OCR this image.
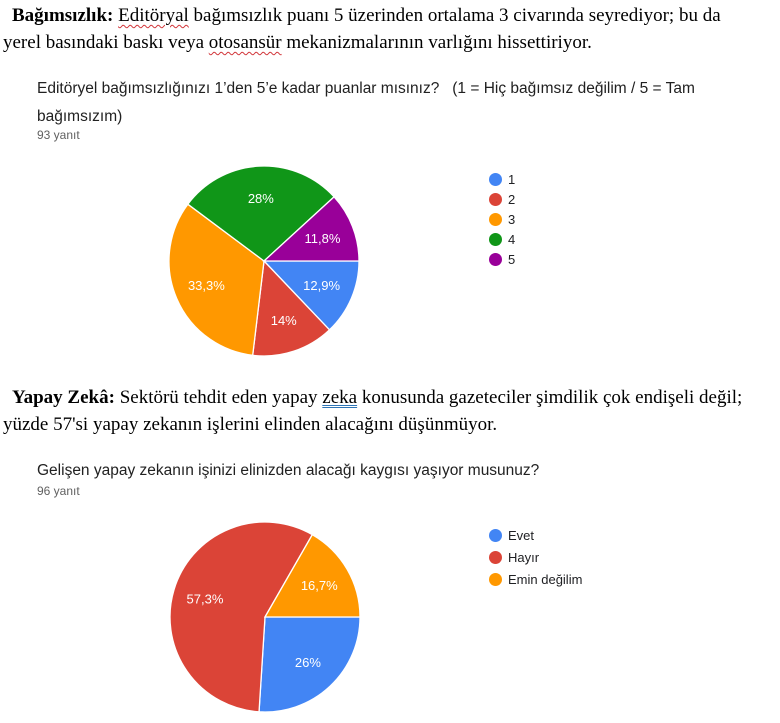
Bağımsızlık: Editöryal bağımsızlık puanı 5 üzerinden ortalama 3 civarında seyrediyor; bu da yerel basındaki baskı veya otosansür mekanizmalarının varlığını hissettiriyor.

Editöryel bağımsızlığınızı 1’den 5’e kadar puanlar mısınız?   (1 = Hiç bağımsız değilim / 5 = Tam bağımsızım)
93 yanıt
12,9%
14%
33,3%
28%
11,8%
1
2
3
4
5

Yapay Zekâ: Sektörü tehdit eden yapay zeka konusunda gazeteciler şimdilik çok endişeli değil; yüzde 57'si yapay zekanın işlerini elinden alacağını düşünmüyor.

Gelişen yapay zekanın işinizi elinizden alacağı kaygısı yaşıyor musunuz?
96 yanıt
26%
57,3%
16,7%
Evet
Hayır
Emin değilim
